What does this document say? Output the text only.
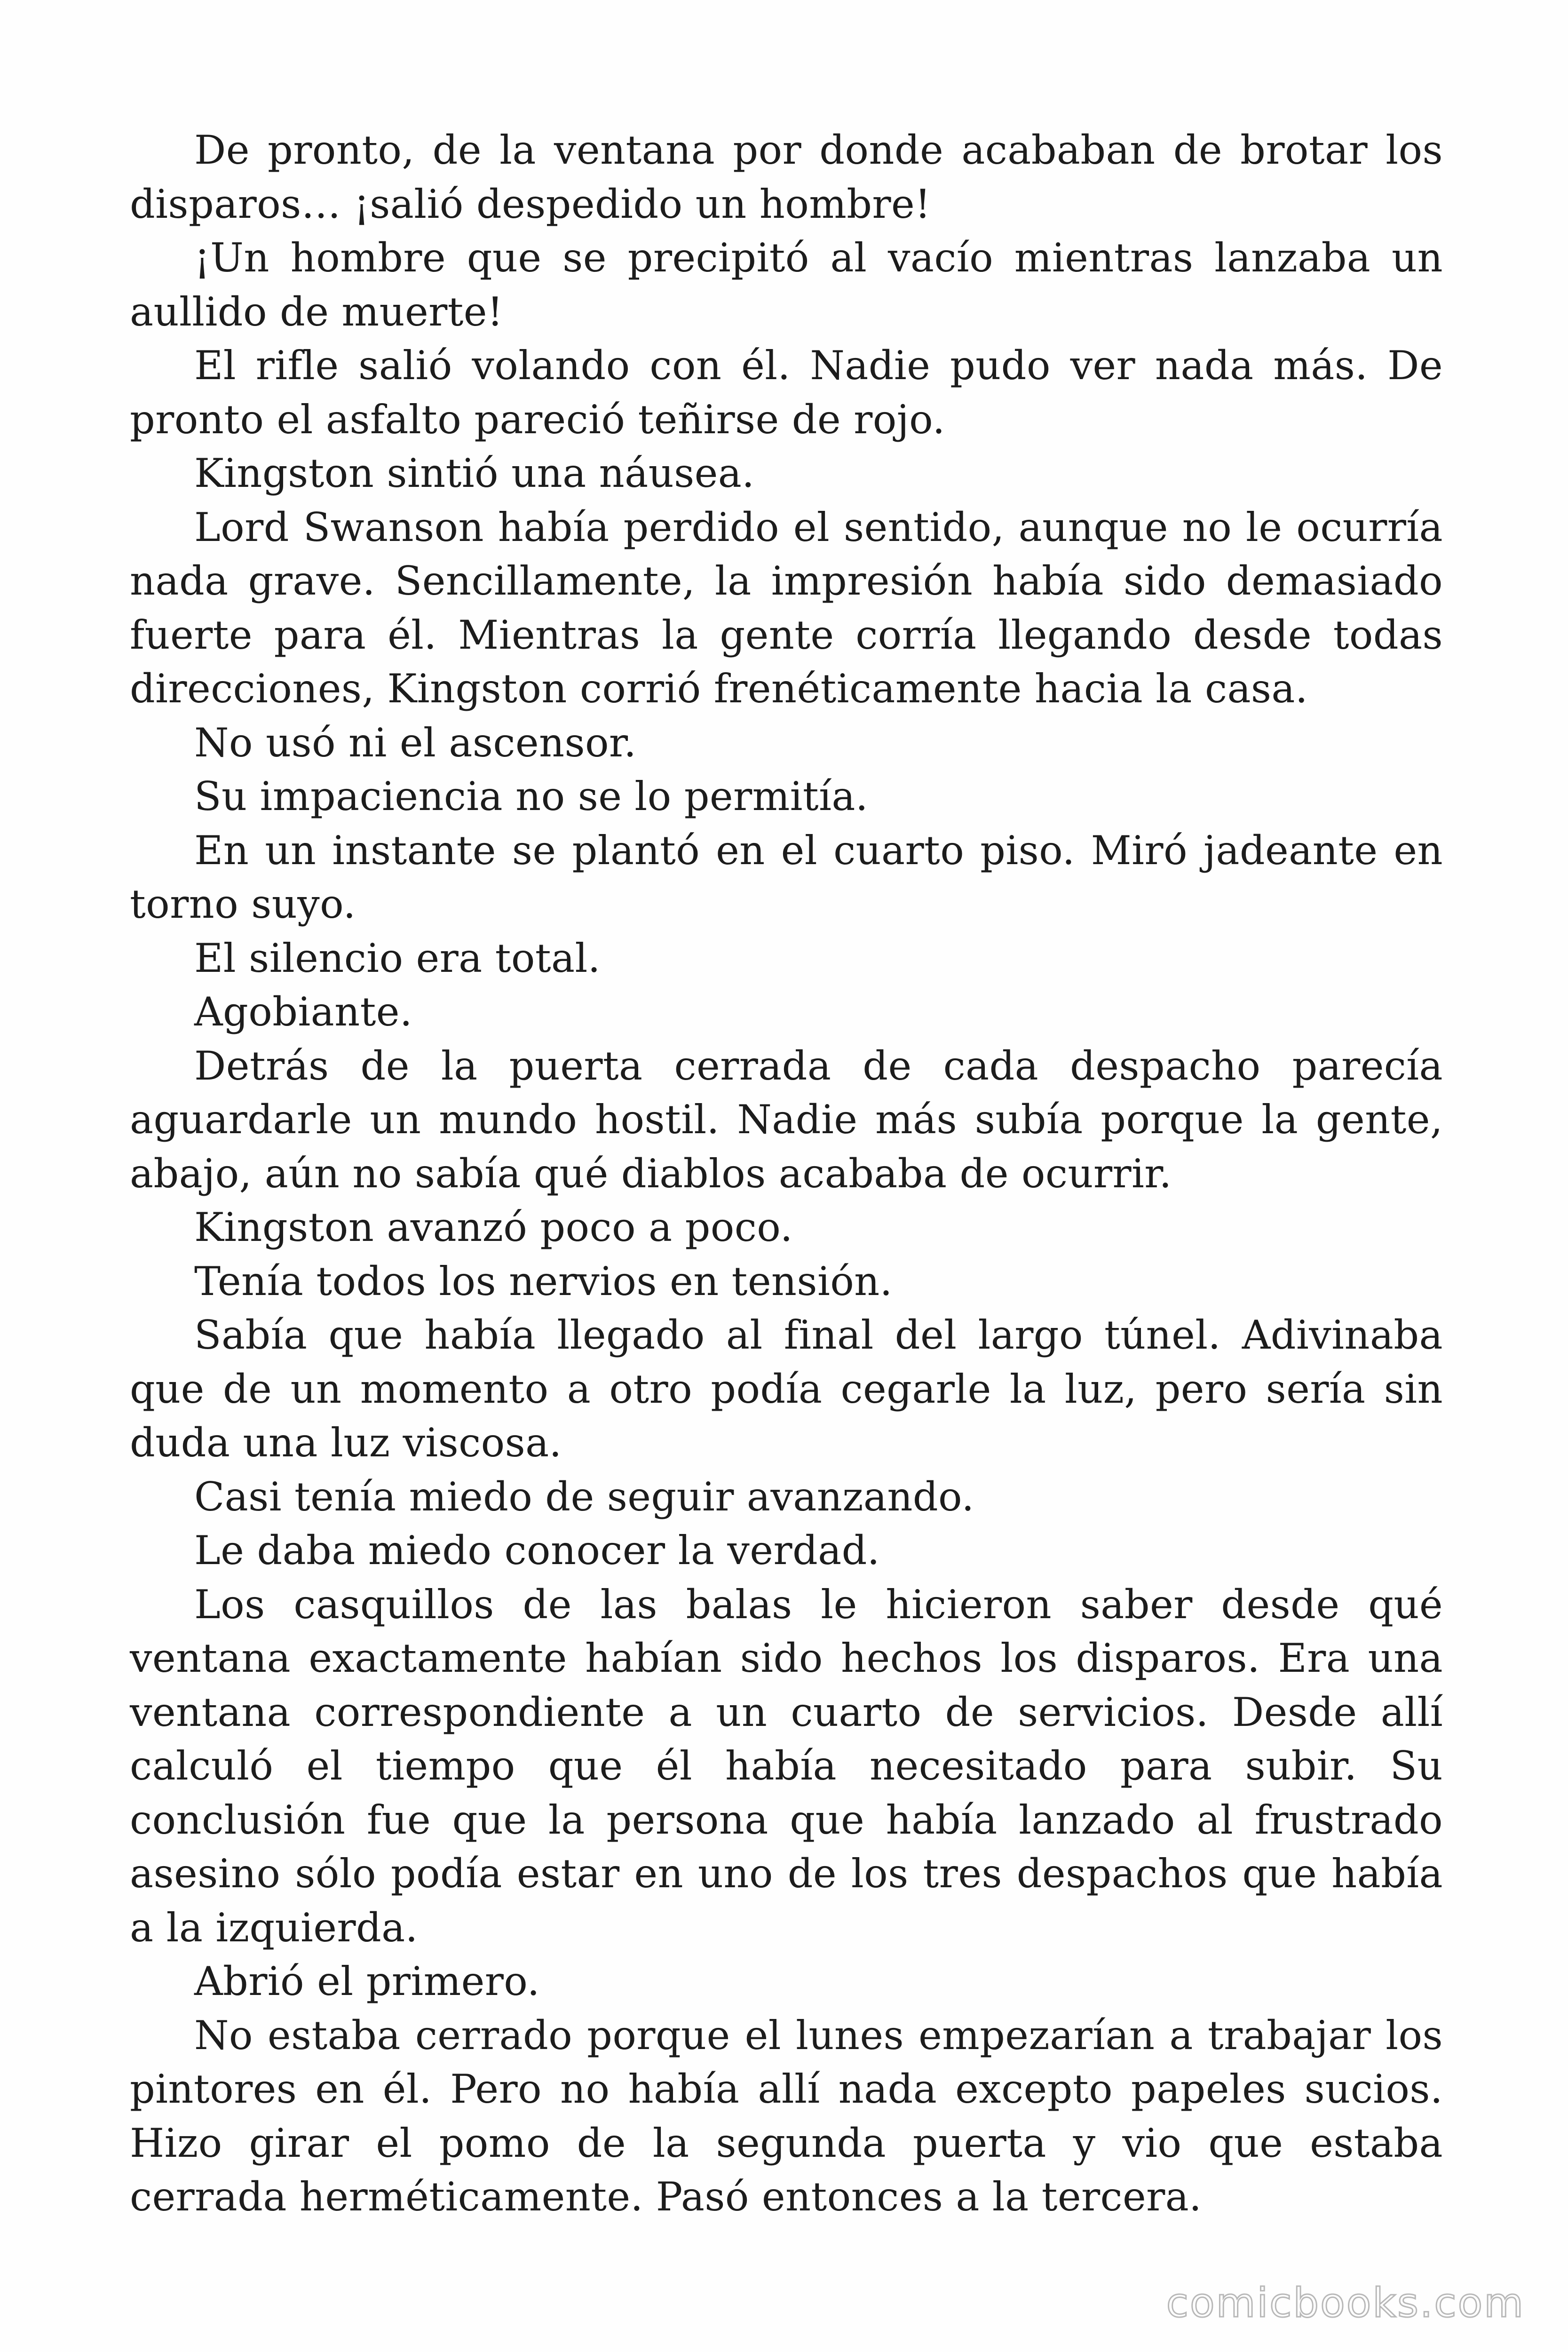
De pronto, de la ventana por donde acababan de brotar los disparos… ¡salió despedido un hombre!

¡Un hombre que se precipitó al vacío mientras lanzaba un aullido de muerte!

El rifle salió volando con él. Nadie pudo ver nada más. De pronto el asfalto pareció teñirse de rojo.

Kingston sintió una náusea.

Lord Swanson había perdido el sentido, aunque no le ocurría nada grave. Sencillamente, la impresión había sido demasiado fuerte para él. Mientras la gente corría llegando desde todas direcciones, Kingston corrió frenéticamente hacia la casa.

No usó ni el ascensor.

Su impaciencia no se lo permitía.

En un instante se plantó en el cuarto piso. Miró jadeante en torno suyo.

El silencio era total.

Agobiante.

Detrás de la puerta cerrada de cada despacho parecía aguardarle un mundo hostil. Nadie más subía porque la gente, abajo, aún no sabía qué diablos acababa de ocurrir.

Kingston avanzó poco a poco.

Tenía todos los nervios en tensión.

Sabía que había llegado al final del largo túnel. Adivinaba que de un momento a otro podía cegarle la luz, pero sería sin duda una luz viscosa.

Casi tenía miedo de seguir avanzando.

Le daba miedo conocer la verdad.

Los casquillos de las balas le hicieron saber desde qué ventana exactamente habían sido hechos los disparos. Era una ventana correspondiente a un cuarto de servicios. Desde allí calculó el tiempo que él había necesitado para subir. Su conclusión fue que la persona que había lanzado al frustrado asesino sólo podía estar en uno de los tres despachos que había a la izquierda.

Abrió el primero.

No estaba cerrado porque el lunes empezarían a trabajar los pintores en él. Pero no había allí nada excepto papeles sucios. Hizo girar el pomo de la segunda puerta y vio que estaba cerrada herméticamente. Pasó entonces a la tercera.

comicbooks.com
